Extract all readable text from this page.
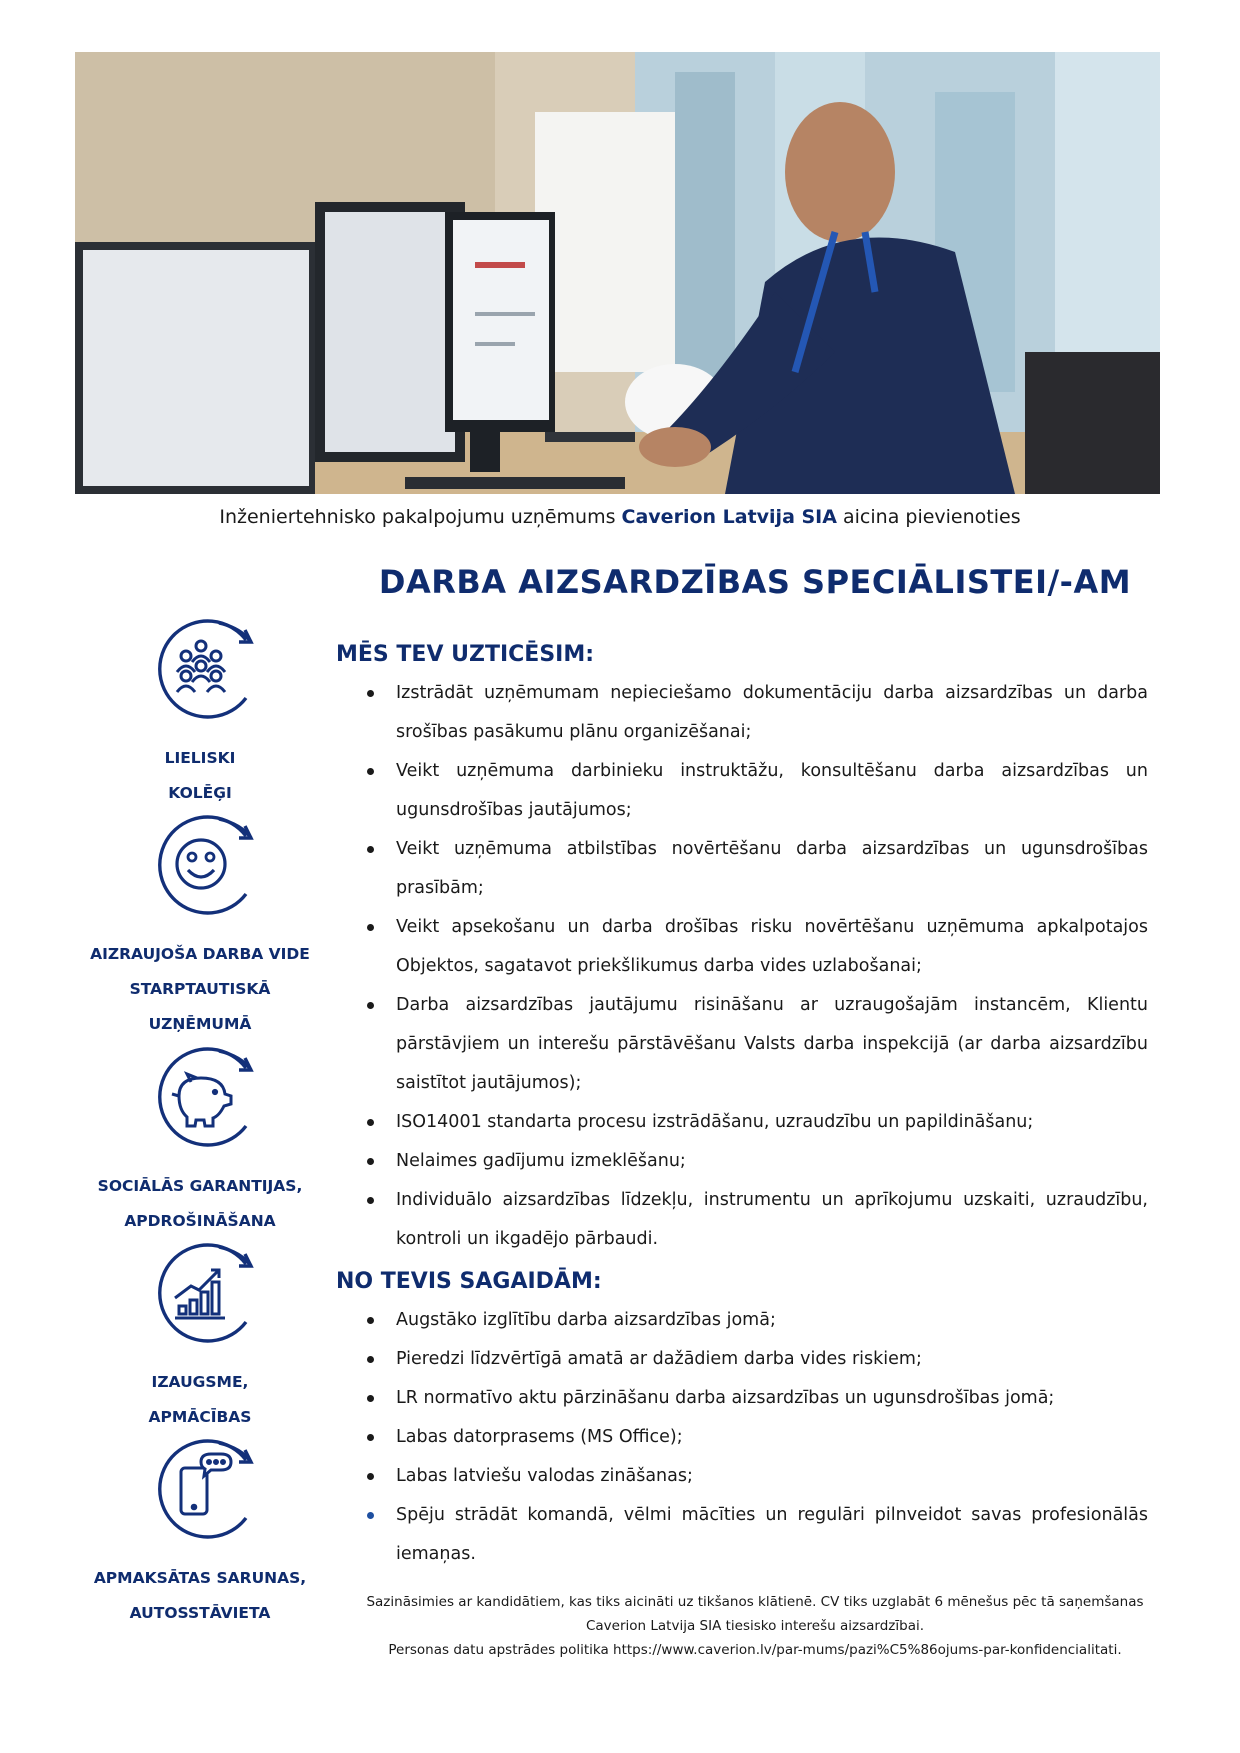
Inženiertehnisko pakalpojumu uzņēmums Caverion Latvija SIA aicina pievienoties
DARBA AIZSARDZĪBAS SPECIĀLISTEI/-AM
LIELISKI
KOLĒĢI
AIZRAUJOŠA DARBA VIDE
STARPTAUTISKĀ
UZŅĒMUMĀ
SOCIĀLĀS GARANTIJAS,
APDROŠINĀŠANA
IZAUGSME,
APMĀCĪBAS
APMAKSĀTAS SARUNAS,
AUTOSSTĀVIETA
MĒS TEV UZTICĒSIM:
Izstrādāt uzņēmumam nepieciešamo dokumentāciju darba aizsardzības un darba srošības pasākumu plānu organizēšanai;
Veikt uzņēmuma darbinieku instruktāžu, konsultēšanu darba aizsardzības un ugunsdrošības jautājumos;
Veikt uzņēmuma atbilstības novērtēšanu darba aizsardzības un ugunsdrošības prasībām;
Veikt apsekošanu un darba drošības risku novērtēšanu uzņēmuma apkalpotajos Objektos, sagatavot priekšlikumus darba vides uzlabošanai;
Darba aizsardzības jautājumu risināšanu ar uzraugošajām instancēm, Klientu pārstāvjiem un interešu pārstāvēšanu Valsts darba inspekcijā (ar darba aizsardzību saistītot jautājumos);
ISO14001 standarta procesu izstrādāšanu, uzraudzību un papildināšanu;
Nelaimes gadījumu izmeklēšanu;
Individuālo aizsardzības līdzekļu, instrumentu un aprīkojumu uzskaiti, uzraudzību, kontroli un ikgadējo pārbaudi.
NO TEVIS SAGAIDĀM:
Augstāko izglītību darba aizsardzības jomā;
Pieredzi līdzvērtīgā amatā ar dažādiem darba vides riskiem;
LR normatīvo aktu pārzināšanu darba aizsardzības un ugunsdrošības jomā;
Labas datorprasems (MS Office);
Labas latviešu valodas zināšanas;
Spēju strādāt komandā, vēlmi mācīties un regulāri pilnveidot savas profesionālās iemaņas.
Sazināsimies ar kandidātiem, kas tiks aicināti uz tikšanos klātienē. CV tiks uzglabāt 6 mēnešus pēc tā saņemšanas
Caverion Latvija SIA tiesisko interešu aizsardzībai.
Personas datu apstrādes politika https://www.caverion.lv/par-mums/pazi%C5%86ojums-par-konfidencialitati.
